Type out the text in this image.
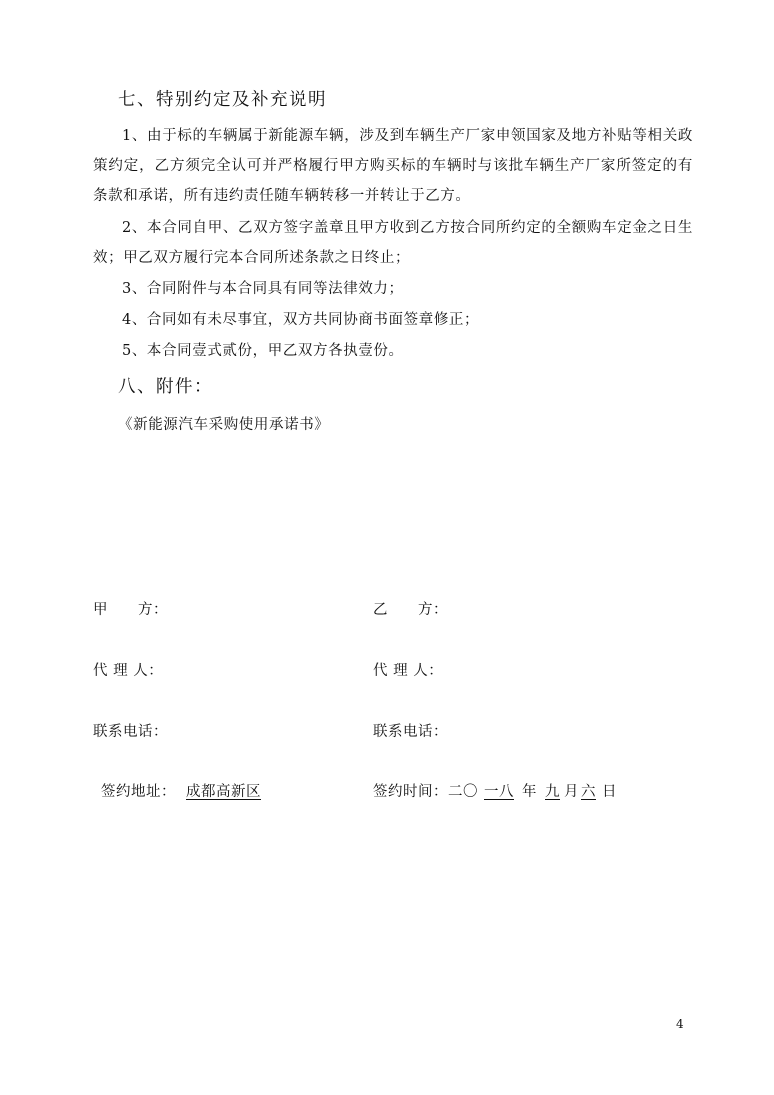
七、特别约定及补充说明
1、由于标的车辆属于新能源车辆，涉及到车辆生产厂家申领国家及地方补贴等相关政策约定，乙方须完全认可并严格履行甲方购买标的车辆时与该批车辆生产厂家所签定的有条款和承诺，所有违约责任随车辆转移一并转让于乙方。
2、本合同自甲、乙双方签字盖章且甲方收到乙方按合同所约定的全额购车定金之日生效；甲乙双方履行完本合同所述条款之日终止；
3、合同附件与本合同具有同等法律效力；
4、合同如有未尽事宜，双方共同协商书面签章修正；
5、本合同壹式贰份，甲乙双方各执壹份。
八、附件：
《新能源汽车采购使用承诺书》
甲　　方：	乙　　方：
代 理 人：	代 理 人：
联系电话：	联系电话：
签约地址： 成都高新区	签约时间：二〇 一八 年 九 月 六 日
4
